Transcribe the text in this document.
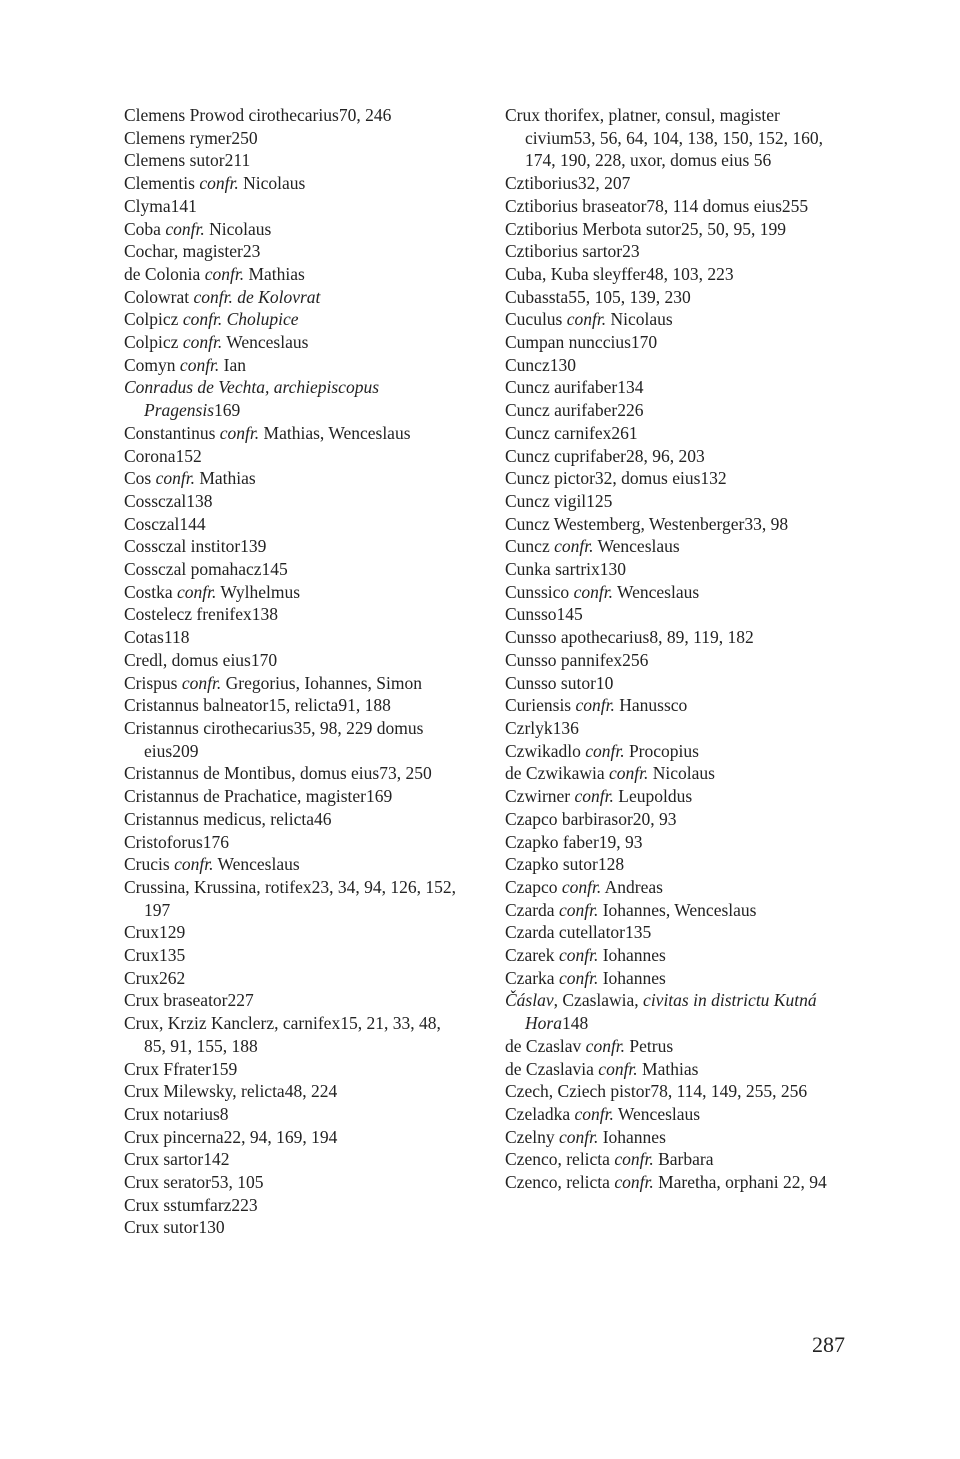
Clemens Prowod cirothecarius70, 246

Clemens rymer250

Clemens sutor211

Clementis confr. Nicolaus

Clyma141

Coba confr. Nicolaus

Cochar, magister23

de Colonia confr. Mathias

Colowrat confr. de Kolovrat

Colpicz confr. Cholupice

Colpicz confr. Wenceslaus

Comyn confr. Ian

Conradus de Vechta, archiepiscopus Pragensis169

Constantinus confr. Mathias, Wenceslaus

Corona152

Cos confr. Mathias

Cossczal138

Cosczal144

Cossczal institor139

Cossczal pomahacz145

Costka confr. Wylhelmus

Costelecz frenifex138

Cotas118

Credl, domus eius170

Crispus confr. Gregorius, Iohannes, Simon

Cristannus balneator15, relicta91, 188

Cristannus cirothecarius35, 98, 229 domus eius209

Cristannus de Montibus, domus eius73, 250

Cristannus de Prachatice, magister169

Cristannus medicus, relicta46

Cristoforus176

Crucis confr. Wenceslaus

Crussina, Krussina, rotifex23, 34, 94, 126, 152, 197

Crux129

Crux135

Crux262

Crux braseator227

Crux, Krziz Kanclerz, carnifex15, 21, 33, 48, 85, 91, 155, 188

Crux Ffrater159

Crux Milewsky, relicta48, 224

Crux notarius8

Crux pincerna22, 94, 169, 194

Crux sartor142

Crux serator53, 105

Crux sstumfarz223

Crux sutor130

Crux thorifex, platner, consul, magister civium53, 56, 64, 104, 138, 150, 152, 160, 174, 190, 228, uxor, domus eius 56

Cztiborius32, 207

Cztiborius braseator78, 114 domus eius255

Cztiborius Merbota sutor25, 50, 95, 199

Cztiborius sartor23

Cuba, Kuba sleyffer48, 103, 223

Cubassta55, 105, 139, 230

Cuculus confr. Nicolaus

Cumpan nunccius170

Cuncz130

Cuncz aurifaber134

Cuncz aurifaber226

Cuncz carnifex261

Cuncz cuprifaber28, 96, 203

Cuncz pictor32, domus eius132

Cuncz vigil125

Cuncz Westemberg, Westenberger33, 98

Cuncz confr. Wenceslaus

Cunka sartrix130

Cunssico confr. Wenceslaus

Cunsso145

Cunsso apothecarius8, 89, 119, 182

Cunsso pannifex256

Cunsso sutor10

Curiensis confr. Hanussco

Czrlyk136

Czwikadlo confr. Procopius

de Czwikawia confr. Nicolaus

Czwirner confr. Leupoldus

Czapco barbirasor20, 93

Czapko faber19, 93

Czapko sutor128

Czapco confr. Andreas

Czarda confr. Iohannes, Wenceslaus

Czarda cutellator135

Czarek confr. Iohannes

Czarka confr. Iohannes

Čáslav, Czaslawia, civitas in districtu Kutná Hora148

de Czaslav confr. Petrus

de Czaslavia confr. Mathias

Czech, Cziech pistor78, 114, 149, 255, 256

Czeladka confr. Wenceslaus

Czelny confr. Iohannes

Czenco, relicta confr. Barbara

Czenco, relicta confr. Maretha, orphani 22, 94

287
